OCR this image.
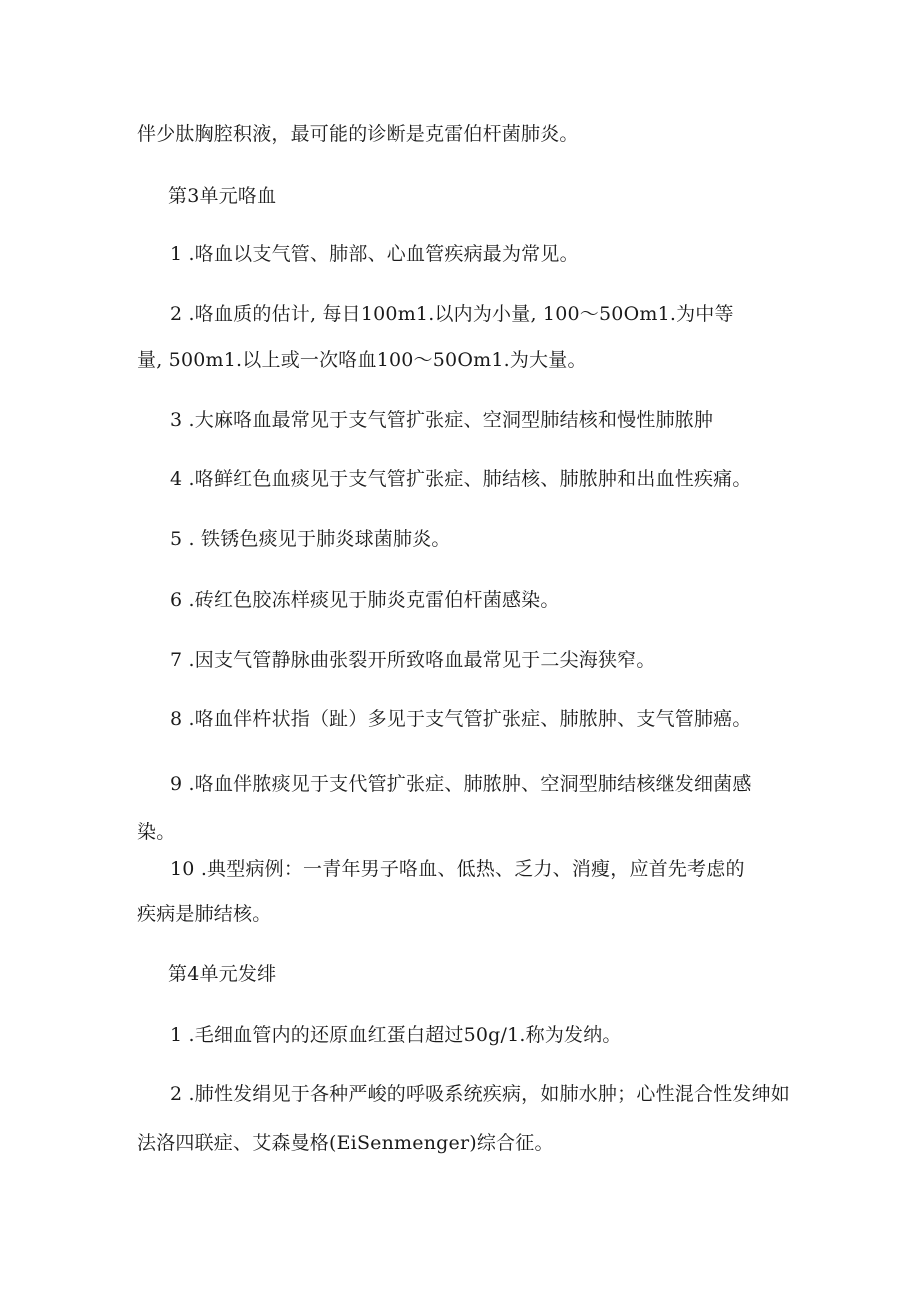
伴少肽胸腔积液，最可能的诊断是克雷伯杆菌肺炎。
第3单元咯血
1 .咯血以支气管、肺部、心血管疾病最为常见。
2 .咯血质的估计, 每日100m1.以内为小量, 100～50Om1.为中等
量, 500m1.以上或一次咯血100～50Om1.为大量。
3 .大麻咯血最常见于支气管扩张症、空洞型肺结核和慢性肺脓肿
4 .咯鲜红色血痰见于支气管扩张症、肺结核、肺脓肿和出血性疾痛。
5 . 铁锈色痰见于肺炎球菌肺炎。
6 .砖红色胶冻样痰见于肺炎克雷伯杆菌感染。
7 .因支气管静脉曲张裂开所致咯血最常见于二尖海狭窄。
8 .咯血伴杵状指（趾）多见于支气管扩张症、肺脓肿、支气管肺癌。
9 .咯血伴脓痰见于支代管扩张症、肺脓肿、空洞型肺结核继发细菌感
染。
10 .典型病例：一青年男子咯血、低热、乏力、消瘦，应首先考虑的
疾病是肺结核。
第4单元发绯
1 .毛细血管内的还原血红蛋白超过50g/1.称为发纳。
2 .肺性发绢见于各种严峻的呼吸系统疾病，如肺水肿；心性混合性发绅如
法洛四联症、艾森曼格(EiSenmenger)综合征。
